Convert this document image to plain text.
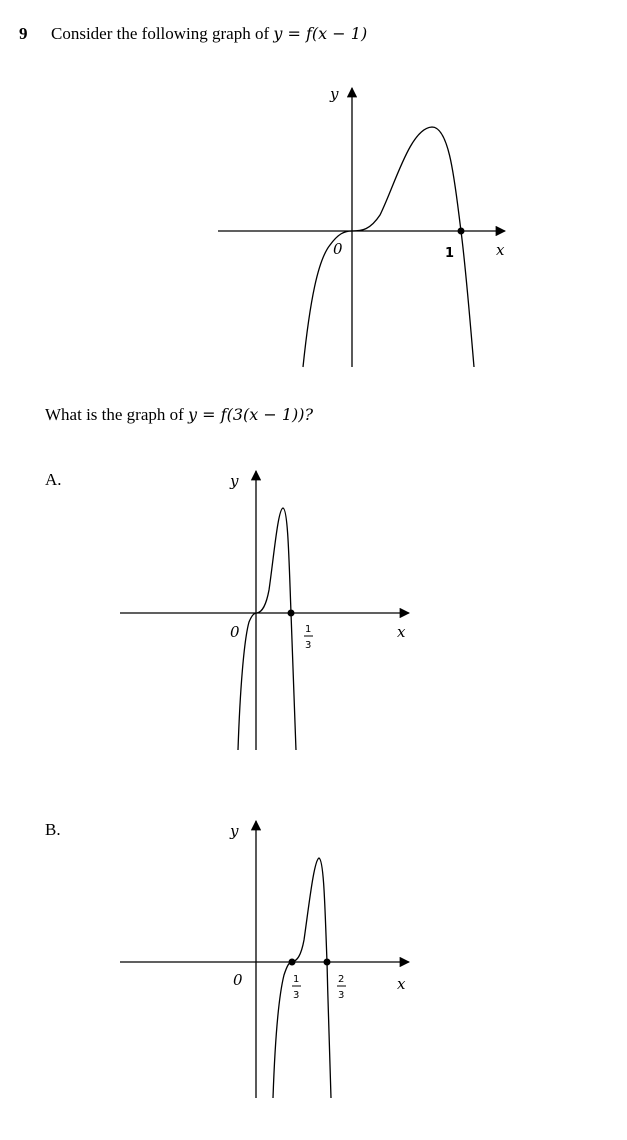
9 Consider the following graph of y = f(x − 1)
What is the graph of y = f(3(x − 1))?
A.
B.
y
x
0	1
y
x
0	1
3
y
x
0	1
3
2
3
